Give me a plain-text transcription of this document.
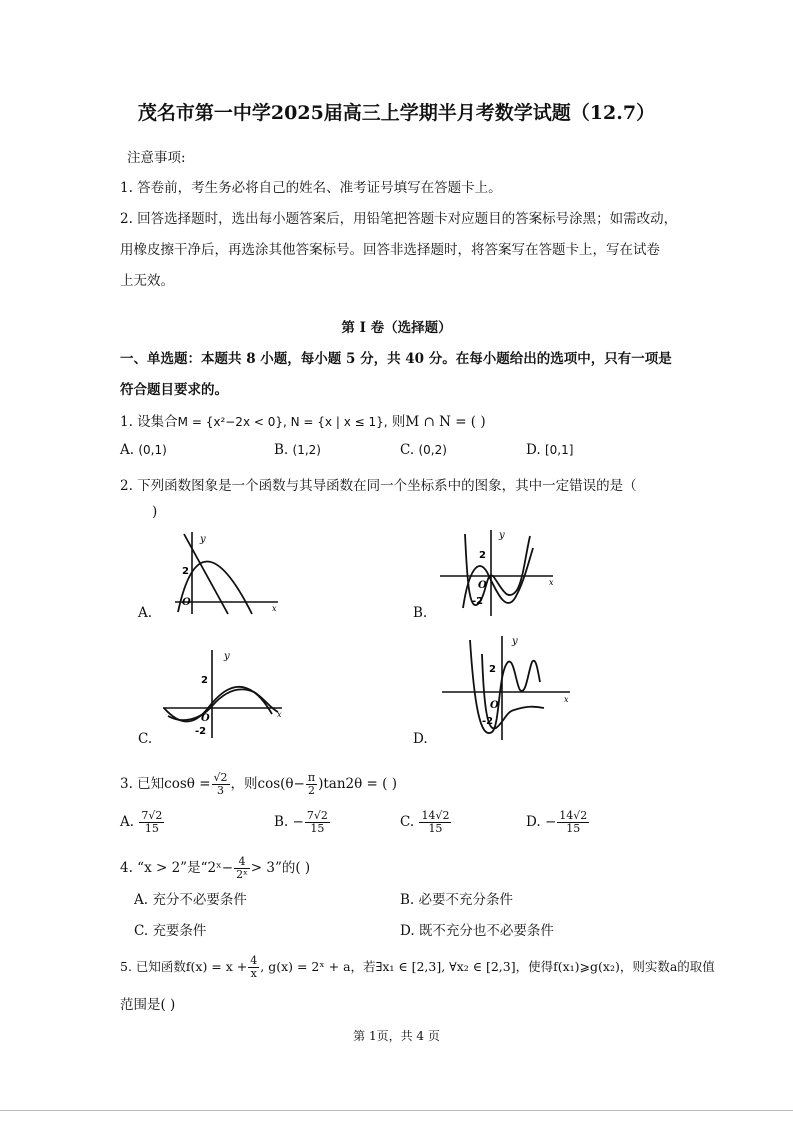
茂名市第一中学2025届高三上学期半月考数学试题（12.7）
注意事项:
1. 答卷前，考生务必将自己的姓名、准考证号填写在答题卡上。
2. 回答选择题时，选出每小题答案后，用铅笔把答题卡对应题目的答案标号涂黑；如需改动，
用橡皮擦干净后，再选涂其他答案标号。回答非选择题时，将答案写在答题卡上，写在试卷
上无效。
第 I 卷（选择题）
一、单选题：本题共 8 小题，每小题 5 分，共 40 分。在每小题给出的选项中，只有一项是
符合题目要求的。
1. 设集合M = {x²−2x < 0}, N = {x | x ≤ 1}, 则M ∩ N = ( )
A. (0,1)	B. (1,2)	C. (0,2)	D. [0,1]
2. 下列函数图象是一个函数与其导函数在同一个坐标系中的图象，其中一定错误的是（
)
A.	B.
C.	D.
y
x
2
O
y
x
2
O
-2
y
x
2
O
-2
y
x
2
O
-2
3. 已知$\cos\theta = \frac{√2}{3}$ ，则$\cos(\theta- \frac{\pi}{2} )\tan 2\theta$ = ( )
A. $\frac{7√2}{15}$	B. − $\frac{7√2}{15}$	C. $\frac{14√2}{15}$	D. − $\frac{14√2}{15}$
4. “x > 2”是“2ˣ− $\frac{4}{\text{2ˣ}} > 3$”的( )
A. 充分不必要条件	B. 必要不充分条件
C. 充要条件	D. 既不充分也不必要条件
5. 已知函数$f(x) = x + \frac{4}{x}$ , g(x) = 2ˣ + a，若∃x₁ ∈ [2,3], ∀x₂ ∈ [2,3]，使得f(x₁)⩾g(x₂)，则实数a的取值
范围是( )
第 1页，共 4 页
